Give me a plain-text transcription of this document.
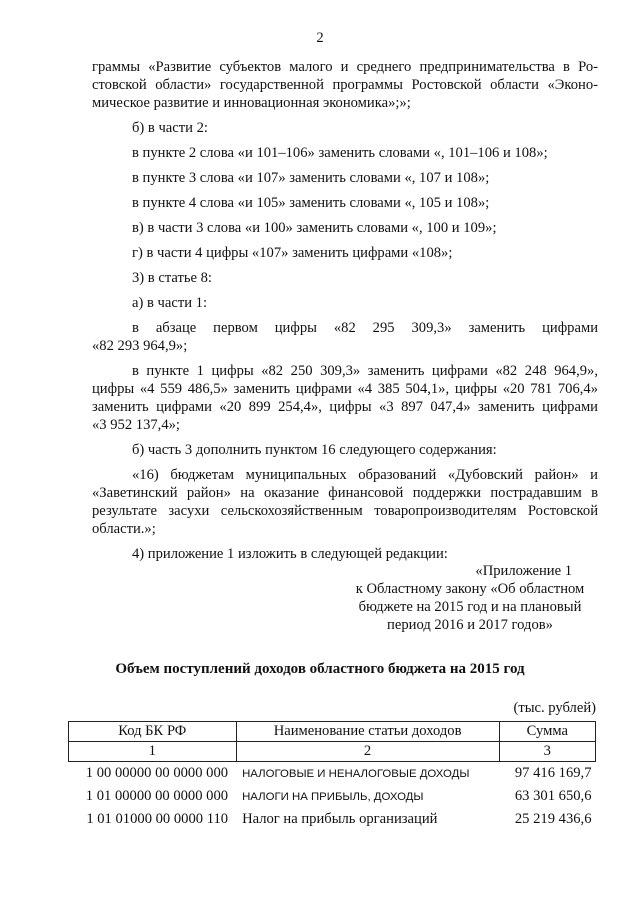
2
граммы «Развитие субъектов малого и среднего предпринимательства в Ро-
стовской области» государственной программы Ростовской области «Эконо-
мическое развитие и инновационная экономика»;»;
б) в части 2:
в пункте 2 слова «и 101–106» заменить словами «, 101–106 и 108»;
в пункте 3 слова «и 107» заменить словами «, 107 и 108»;
в пункте 4 слова «и 105» заменить словами «, 105 и 108»;
в) в части 3 слова «и 100» заменить словами «, 100 и 109»;
г) в части 4 цифры «107» заменить цифрами «108»;
3) в статье 8:
а) в части 1:
в абзаце первом цифры «82 295 309,3» заменить цифрами
«82 293 964,9»;
в пункте 1 цифры «82 250 309,3» заменить цифрами «82 248 964,9»,
цифры «4 559 486,5» заменить цифрами «4 385 504,1», цифры «20 781 706,4»
заменить цифрами «20 899 254,4», цифры «3 897 047,4» заменить цифрами
«3 952 137,4»;
б) часть 3 дополнить пунктом 16 следующего содержания:
«16) бюджетам муниципальных образований «Дубовский район» и
«Заветинский район» на оказание финансовой поддержки пострадавшим в
результате засухи сельскохозяйственным товаропроизводителям Ростовской
области.»;
4) приложение 1 изложить в следующей редакции:
«Приложение 1
к Областному закону «Об областном
бюджете на 2015 год и на плановый
период 2016 и 2017 годов»
Объем поступлений доходов областного бюджета на 2015 год
(тыс. рублей)
Код БК РФ	Наименование статьи доходов	Сумма
1	2	3
1 00 00000 00 0000 000	НАЛОГОВЫЕ И НЕНАЛОГОВЫЕ ДОХОДЫ	97 416 169,7
1 01 00000 00 0000 000	НАЛОГИ НА ПРИБЫЛЬ, ДОХОДЫ	63 301 650,6
1 01 01000 00 0000 110	Налог на прибыль организаций	25 219 436,6
